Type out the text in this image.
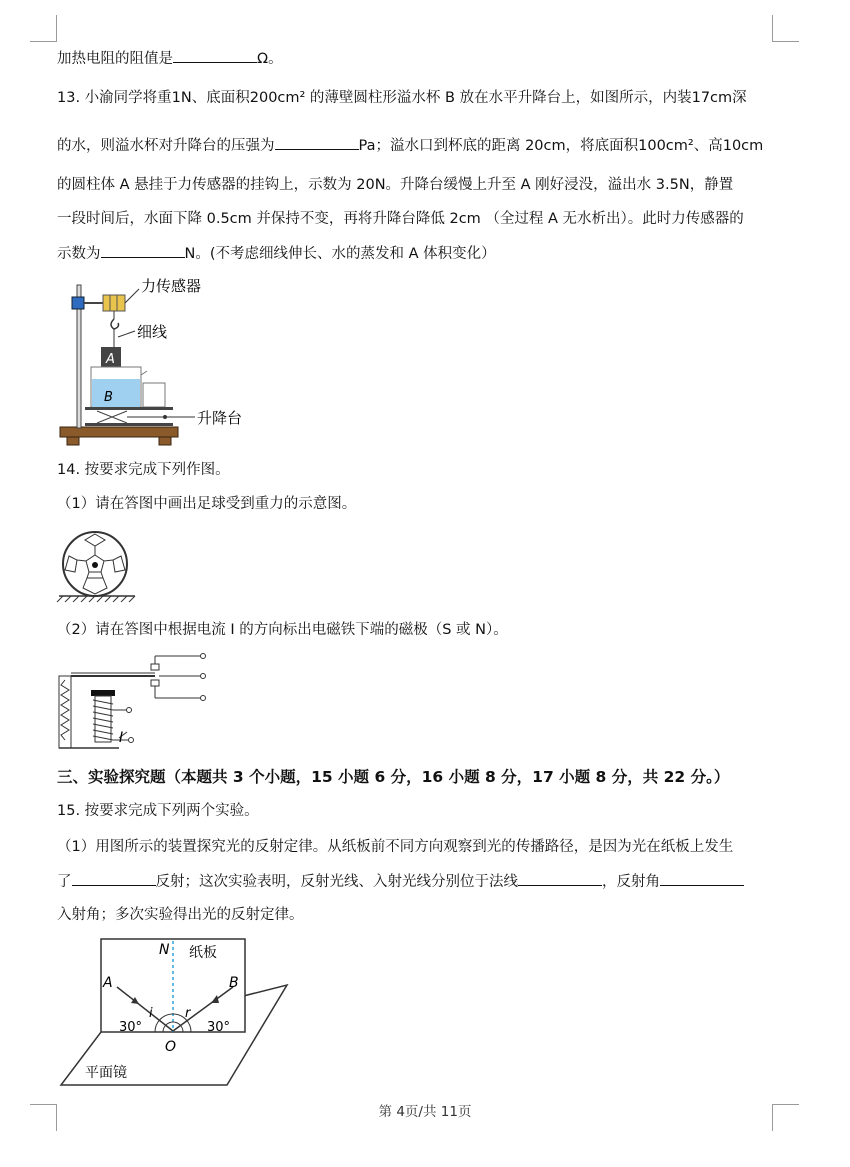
加热电阻的阻值是	Ω。
13. 小渝同学将重1N、底面积200cm² 的薄壁圆柱形溢水杯 B 放在水平升降台上，如图所示，内装17cm深
的水，则溢水杯对升降台的压强为	Pa；溢水口到杯底的距离 20cm，将底面积100cm²、高10cm
的圆柱体 A 悬挂于力传感器的挂钩上，示数为 20N。升降台缓慢上升至 A 刚好浸没，溢出水 3.5N，静置
一段时间后，水面下降 0.5cm 并保持不变，再将升降台降低 2cm （全过程 A 无水析出）。此时力传感器的
示数为	N。(不考虑细线伸长、水的蒸发和 A 体积变化）
力传感器
细线
A
B
升降台
14. 按要求完成下列作图。
（1）请在答图中画出足球受到重力的示意图。
（2）请在答图中根据电流 I 的方向标出电磁铁下端的磁极（S 或 N）。
I
三、实验探究题（本题共 3 个小题，15 小题 6 分，16 小题 8 分，17 小题 8 分，共 22 分。）
15. 按要求完成下列两个实验。
（1）用图所示的装置探究光的反射定律。从纸板前不同方向观察到光的传播路径，是因为光在纸板上发生
了	反射；这次实验表明，反射光线、入射光线分别位于法线	，反射角
入射角；多次实验得出光的反射定律。
N 纸板
A	B
i r
30°	30°
O
平面镜
第 4页/共 11页
